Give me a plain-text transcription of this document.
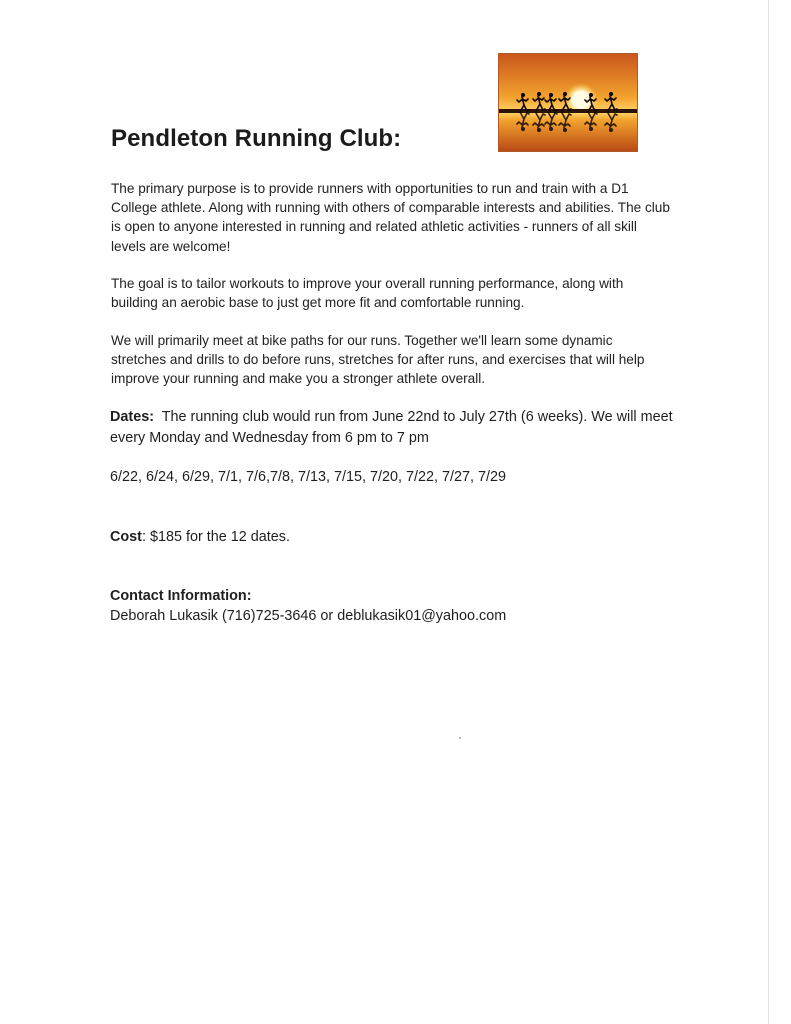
Pendleton Running Club:

The primary purpose is to provide runners with opportunities to run and train with a D1 College athlete. Along with running with others of comparable interests and abilities. The club is open to anyone interested in running and related athletic activities - runners of all skill levels are welcome!

The goal is to tailor workouts to improve your overall running performance, along with building an aerobic base to just get more fit and comfortable running.

We will primarily meet at bike paths for our runs. Together we'll learn some dynamic stretches and drills to do before runs, stretches for after runs, and exercises that will help improve your running and make you a stronger athlete overall.

Dates: The running club would run from June 22nd to July 27th (6 weeks). We will meet every Monday and Wednesday from 6 pm to 7 pm

6/22, 6/24, 6/29, 7/1, 7/6,7/8, 7/13, 7/15, 7/20, 7/22, 7/27, 7/29

Cost: $185 for the 12 dates.

Contact Information:

Deborah Lukasik (716)725-3646 or deblukasik01@yahoo.com
